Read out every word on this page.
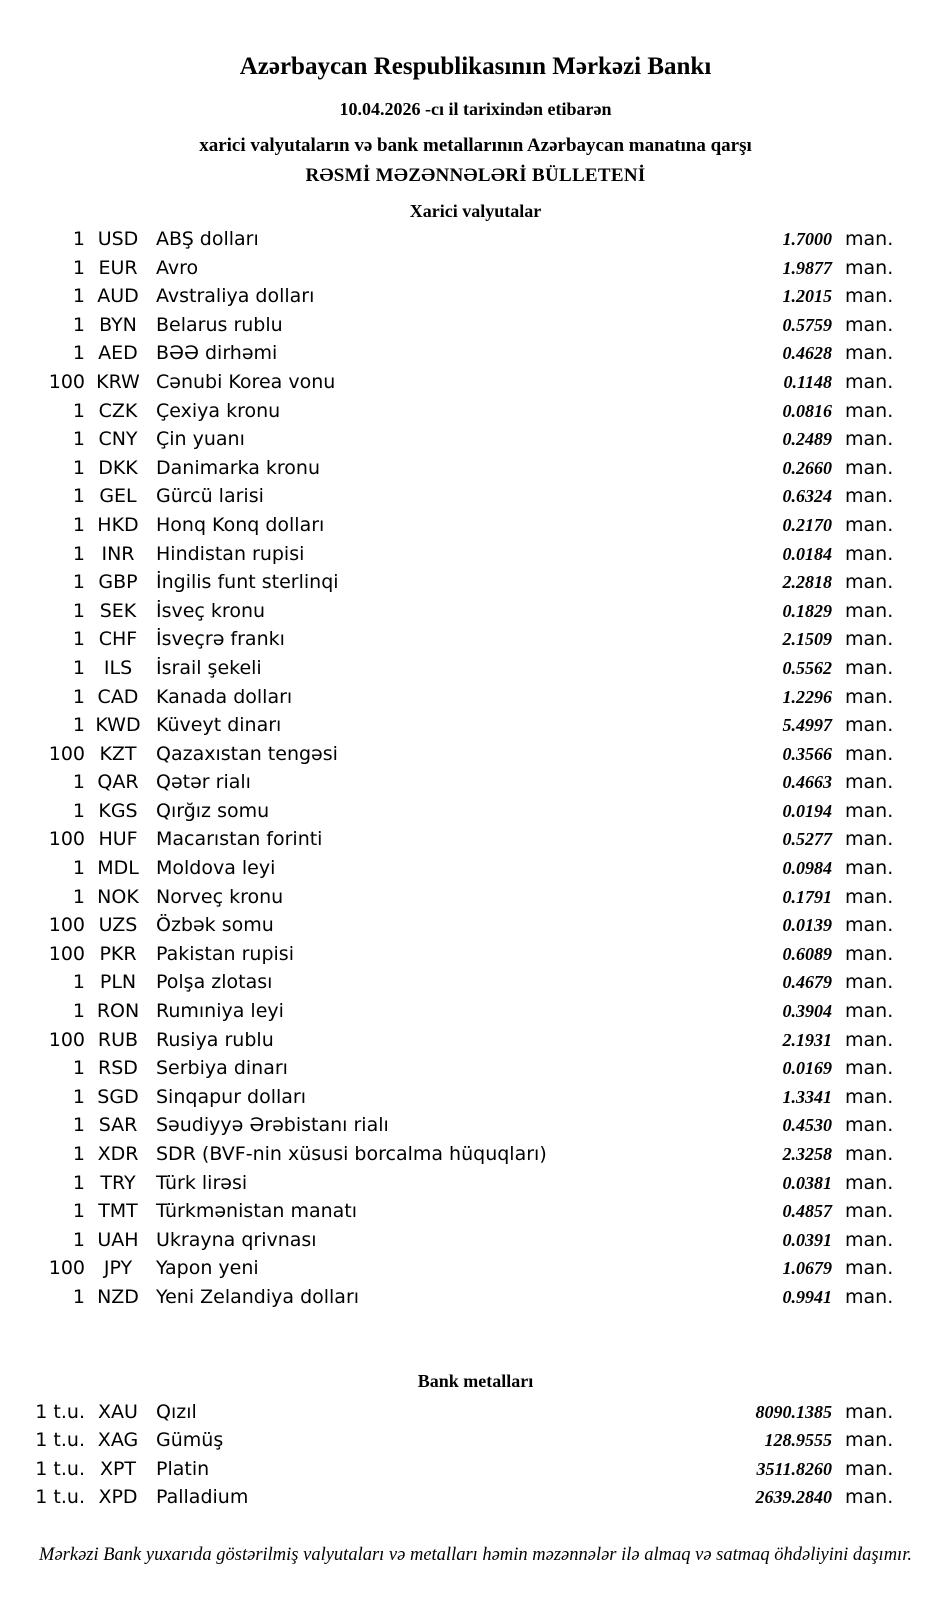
Azərbaycan Respublikasının Mərkəzi Bankı
10.04.2026 -cı il tarixindən etibarən
xarici valyutaların və bank metallarının Azərbaycan manatına qarşı
RƏSMİ MƏZƏNNƏLƏRİ BÜLLETENİ
Xarici valyutalar
1 USD ABŞ dolları	1.7000 man.
1 EUR Avro	1.9877 man.
1 AUD Avstraliya dolları	1.2015 man.
1 BYN	Belarus rublu	0.5759 man.
1 AED BƏƏ dirhəmi	0.4628 man.
100 KRW Cənubi Korea vonu	0.1148 man.
1 CZK Çexiya kronu	0.0816 man.
1 CNY Çin yuanı	0.2489 man.
1 DKK Danimarka kronu	0.2660 man.
1 GEL	Gürcü larisi	0.6324 man.
1 HKD Honq Konq dolları	0.2170 man.
1 INR	Hindistan rupisi	0.0184 man.
1 GBP İngilis funt sterlinqi	2.2818 man.
1 SEK	İsveç kronu	0.1829 man.
1 CHF İsveçrə frankı	2.1509 man.
1 ILS	İsrail şekeli	0.5562 man.
1 CAD Kanada dolları	1.2296 man.
1 KWD Küveyt dinarı	5.4997 man.
100 KZT	Qazaxıstan tengəsi	0.3566 man.
1 QAR Qətər rialı	0.4663 man.
1 KGS Qırğız somu	0.0194 man.
100 HUF Macarıstan forinti	0.5277 man.
1 MDL Moldova leyi	0.0984 man.
1 NOK Norveç kronu	0.1791 man.
100 UZS Özbək somu	0.0139 man.
100 PKR	Pakistan rupisi	0.6089 man.
1 PLN	Polşa zlotası	0.4679 man.
1 RON Rumıniya leyi	0.3904 man.
100 RUB Rusiya rublu	2.1931 man.
1 RSD Serbiya dinarı	0.0169 man.
1 SGD Sinqapur dolları	1.3341 man.
1 SAR Səudiyyə Ərəbistanı rialı	0.4530 man.
1 XDR SDR (BVF-nin xüsusi borcalma hüquqları)	2.3258 man.
1 TRY	Türk lirəsi	0.0381 man.
1 TMT Türkmənistan manatı	0.4857 man.
1 UAH Ukrayna qrivnası	0.0391 man.
100 JPY	Yapon yeni	1.0679 man.
1 NZD Yeni Zelandiya dolları	0.9941 man.
Bank metalları
1 t.u. XAU Qızıl	8090.1385 man.
1 t.u. XAG Gümüş	128.9555 man.
1 t.u. XPT	Platin	3511.8260 man.
1 t.u. XPD Palladium	2639.2840 man.
Mərkəzi Bank yuxarıda göstərilmiş valyutaları və metalları həmin məzənnələr ilə almaq və satmaq öhdəliyini daşımır.
